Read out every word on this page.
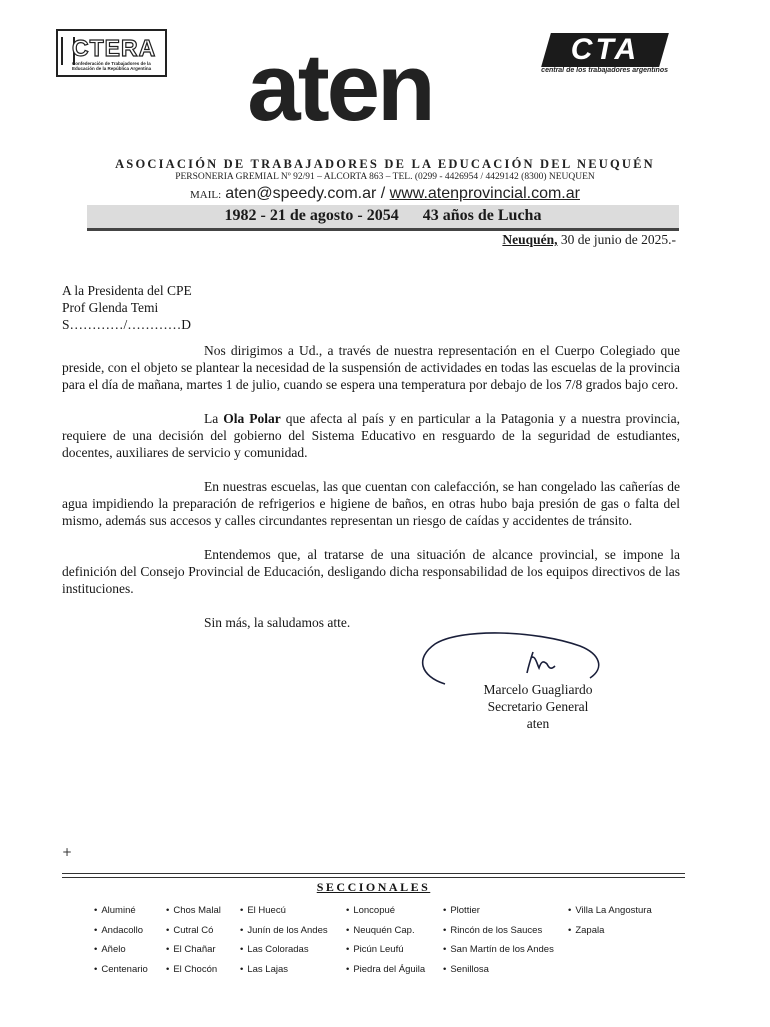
CTERA
Confederación de Trabajadores de la Educación de la República Argentina	aten	CTA
central de los trabajadores argentinos
ASOCIACIÓN DE TRABAJADORES DE LA EDUCACIÓN DEL NEUQUÉN
PERSONERIA GREMIAL Nº 92/91 – ALCORTA 863 – TEL. (0299 - 4426954 / 4429142 (8300) NEUQUEN
MAIL: aten@speedy.com.ar / www.atenprovincial.com.ar
1982 - 21 de agosto - 2054      43 años de Lucha
Neuquén, 30 de junio de 2025.-
A la Presidenta del CPE
Prof Glenda Temi
S…………/…………D

Nos dirigimos a Ud., a través de nuestra representación en el Cuerpo Colegiado que preside, con el objeto se plantear la necesidad de la suspensión de actividades en todas las escuelas de la provincia para el día de mañana, martes 1 de julio, cuando se espera una temperatura por debajo de los 7/8 grados bajo cero.

La Ola Polar que afecta al país y en particular a la Patagonia y a nuestra provincia, requiere de una decisión del gobierno del Sistema Educativo en resguardo de la seguridad de estudiantes, docentes, auxiliares de servicio y comunidad.

En nuestras escuelas, las que cuentan con calefacción, se han congelado las cañerías de agua impidiendo la preparación de refrigerios e higiene de baños, en otras hubo baja presión de gas o falta del mismo, además sus accesos y calles circundantes representan un riesgo de caídas y accidentes de tránsito.

Entendemos que, al tratarse de una situación de alcance provincial, se impone la definición del Consejo Provincial de Educación, desligando dicha responsabilidad de los equipos directivos de las instituciones.

Sin más, la saludamos atte.

Marcelo Guagliardo
Secretario General
aten
+
SECCIONALES
• Aluminé
• Andacollo
• Añelo
• Centenario
• Chos Malal
• Cutral Có
• El Chañar
• El Chocón
• El Huecú
• Junín de los Andes
• Las Coloradas
• Las Lajas
• Loncopué
• Neuquén Cap.
• Picún Leufú
• Piedra del Águila
• Plottier
• Rincón de los Sauces
• San Martín de los Andes
• Senillosa
• Villa La Angostura
• Zapala
